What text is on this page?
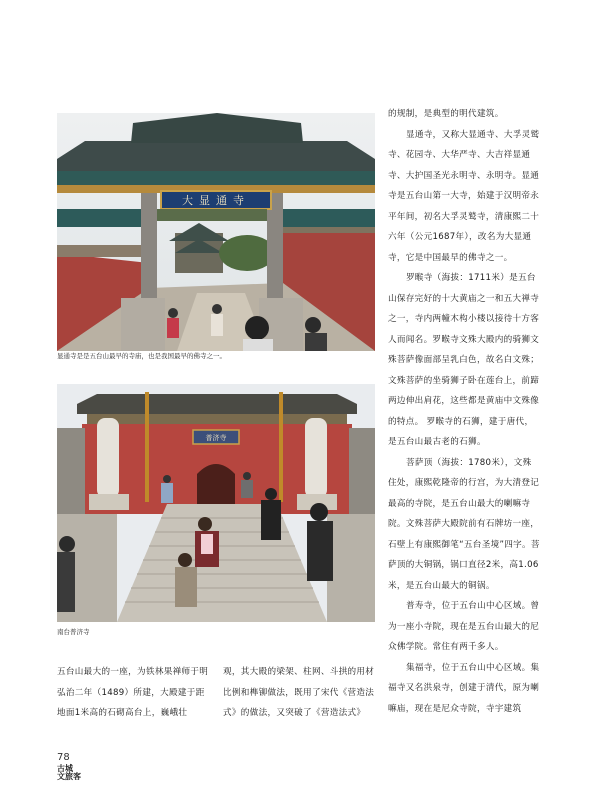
大显通寺
显通寺是是五台山最早的寺庙，也是我国最早的佛寺之一。
普济寺
南台普济寺

的规制，是典型的明代建筑。

显通寺，又称大显通寺、大孚灵鹫寺、花园寺、大华严寺、大吉祥显通寺、大护国圣光永明寺、永明寺。显通寺是五台山第一大寺，始建于汉明帝永平年间，初名大孚灵鹫寺，清康熙二十六年（公元1687年），改名为大显通寺，它是中国最早的佛寺之一。

罗睺寺（海拔：1711米）是五台山保存完好的十大黄庙之一和五大禅寺之一，寺内两幢木构小楼以接待十方客人而闻名。罗睺寺文殊大殿内的骑狮文殊菩萨像面部呈乳白色，故名白文殊；文殊菩萨的坐骑狮子卧在莲台上，前蹄两边伸出肩花，这些都是黄庙中文殊像的特点。 罗睺寺的石狮，建于唐代，是五台山最古老的石狮。

菩萨顶（海拔：1780米），文殊住处，康熙乾隆帝的行宫，为大清登记最高的寺院，是五台山最大的喇嘛寺院。文殊菩萨大殿院前有石牌坊一座，石壁上有康熙御笔“五台圣境”四字。菩萨顶的大铜锅，锅口直径2米，高1.06米，是五台山最大的铜锅。

普寿寺，位于五台山中心区域。曾为一座小寺院，现在是五台山最大的尼众佛学院。常住有两千多人。

集福寺，位于五台山中心区域。集福寺又名洪泉寺，创建于清代，原为喇嘛庙，现在是尼众寺院，寺宇建筑

五台山最大的一座，为铁林果禅师于明弘治二年（1489）所建，大殿建于距地面1米高的石砌高台上，巍峨壮
观，其大殿的梁架、柱网、斗拱的用材比例和榫铆做法，既用了宋代《营造法式》的做法，又突破了《营造法式》
78
古城
文旅客
